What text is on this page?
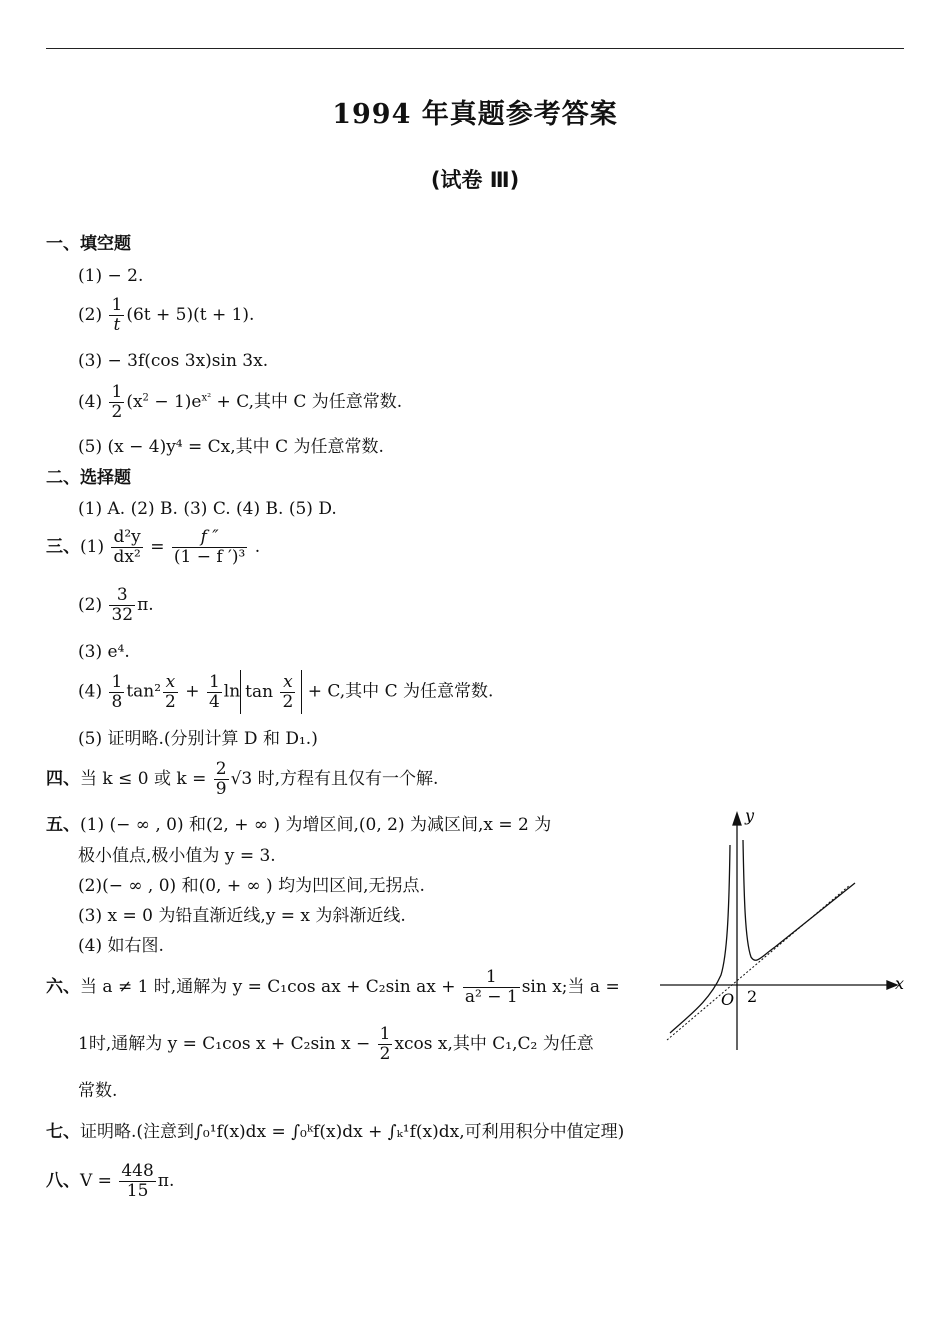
1994 年真题参考答案
(试卷 Ⅲ)
一、填空题
(1) − 2.
$(2) \frac{1}{t} (6t + 5)(t + 1)$.
(3) − 3f(cos 3x)sin 3x.
$(4) \frac{1}{2} (x^2 - 1)e^{x^2} + C$,其中 C 为任意常数.
(5) (x − 4)y⁴ = Cx,其中 C 为任意常数.
二、选择题
(1) A. (2) B. (3) C. (4) B. (5) D.
三、$(1) \frac{\text{d²y}}{\text{dx²}} = \frac{f ''}{\text{(1 − f ′)³}}$ .
$(2) \frac{3}{32} \pi$.
(3) e⁴.
$(4) \frac{1}{8} \tan^2 \frac{x}{2} + \frac{1}{4}$ $\ln \tan \frac{x}{2} + C$,其中 C 为任意常数.
(5) 证明略.(分别计算 D 和 D₁.)
四、当 k ≤ 0 或 $k = \frac{2}{9} √3$ 时,方程有且仅有一个解.
五、(1) (− ∞ , 0) 和(2, + ∞ ) 为增区间,(0, 2) 为减区间,x = 2 为
极小值点,极小值为 y = 3.
(2)(− ∞ , 0) 和(0, + ∞ ) 均为凹区间,无拐点.
(3) x = 0 为铅直渐近线,y = x 为斜渐近线.
(4) 如右图.
六、当 a ≠ 1 时,通解为 y = C₁cos ax + C₂sin ax + $\frac{1}{\text{a² − 1}}$ sin x;当 a =
1时,通解为 y = C₁cos x + C₂sin $x - \frac{1}{2}$ xcos x,其中 C₁,C₂ 为任意
常数.
七、证明略.(注意到∫₀¹f(x)dx = ∫₀ᵏf(x)dx + ∫ₖ¹f(x)dx,可利用积分中值定理)
八、$V = \frac{448}{15} \pi$.
y
x
O 2
